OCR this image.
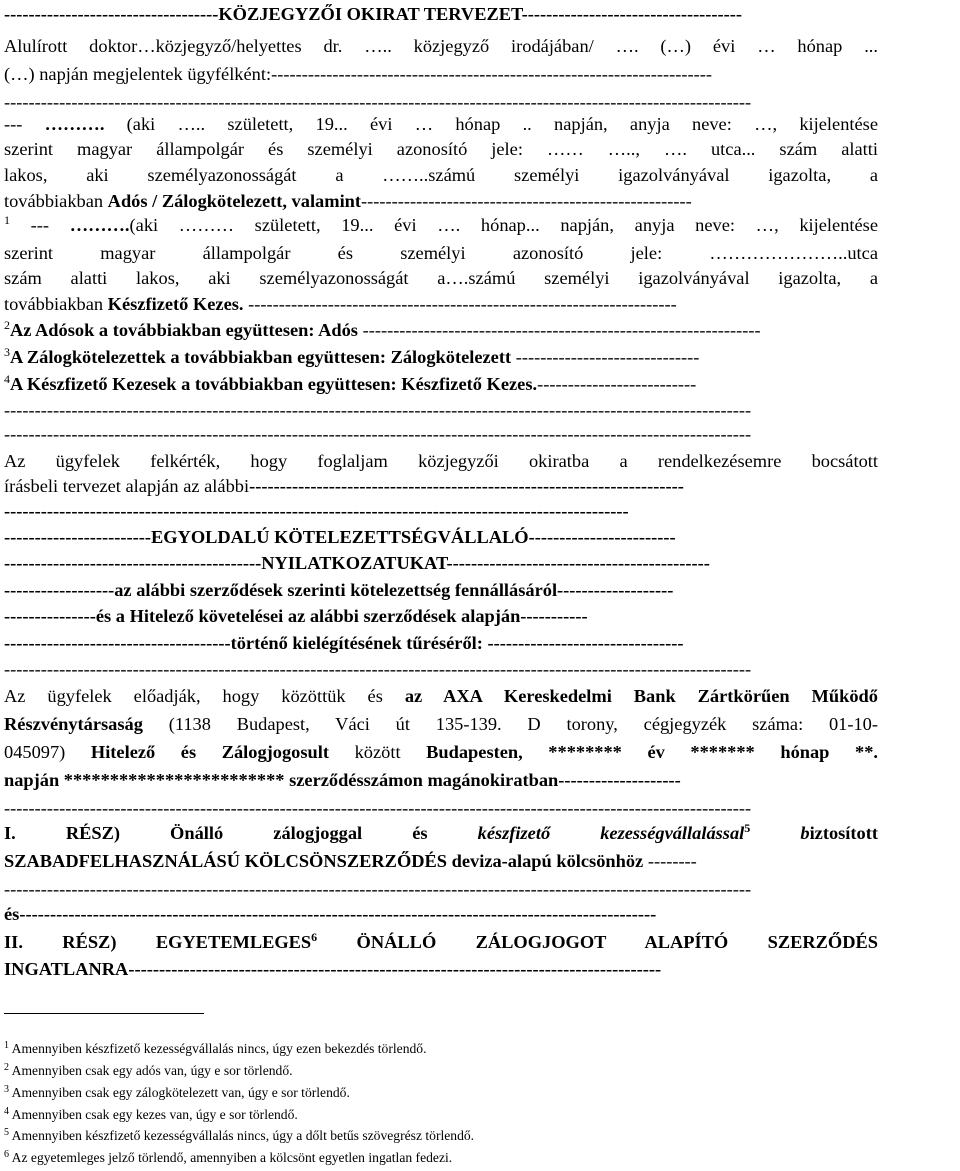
-----------------------------------KÖZJEGYZŐI OKIRAT TERVEZET------------------------------------
Alulírott doktor…közjegyző/helyettes dr. ….. közjegyző irodájában/ …. (…) évi … hónap ...
(…) napján megjelentek ügyfélként:------------------------------------------------------------------------
--------------------------------------------------------------------------------------------------------------------------
--- ………. (aki ….. született, 19... évi … hónap .. napján, anyja neve: …, kijelentése
szerint magyar állampolgár és személyi azonosító jele: …… ….., …. utca... szám alatti
lakos, aki személyazonosságát a ……..számú személyi igazolványával igazolta, a
továbbiakban Adós / Zálogkötelezett, valamint------------------------------------------------------
$^1$ --- ……….(aki ……… született, 19... évi …. hónap... napján, anyja neve: …, kijelentése
szerint magyar állampolgár és személyi azonosító jele: …………………..utca
szám alatti lakos, aki személyazonosságát a….számú személyi igazolványával igazolta, a
továbbiakban Készfizető Kezes. ----------------------------------------------------------------------
$^2$Az Adósok a továbbiakban együttesen: Adós -----------------------------------------------------------------
$^3$A Zálogkötelezettek a továbbiakban együttesen: Zálogkötelezett ------------------------------
$^4$A Készfizető Kezesek a továbbiakban együttesen: Készfizető Kezes.--------------------------
--------------------------------------------------------------------------------------------------------------------------
--------------------------------------------------------------------------------------------------------------------------
Az ügyfelek felkérték, hogy foglaljam közjegyzői okiratba a rendelkezésemre bocsátott
írásbeli tervezet alapján az alábbi-----------------------------------------------------------------------
------------------------------------------------------------------------------------------------------
------------------------EGYOLDALÚ KÖTELEZETTSÉGVÁLLALÓ------------------------
------------------------------------------NYILATKOZATUKAT-------------------------------------------
------------------az alábbi szerződések szerinti kötelezettség fennállásáról-------------------
---------------és a Hitelező követelései az alábbi szerződések alapján-----------
-------------------------------------történő kielégítésének tűréséről: --------------------------------
--------------------------------------------------------------------------------------------------------------------------
Az ügyfelek előadják, hogy közöttük és az AXA Kereskedelmi Bank Zártkörűen Működő
Részvénytársaság (1138 Budapest, Váci út 135-139. D torony, cégjegyzék száma: 01-10-
045097) Hitelező és Zálogjogosult között Budapesten, ******** év ******* hónap **.
napján ************************ szerződésszámon magánokiratban--------------------
--------------------------------------------------------------------------------------------------------------------------
I. RÉSZ) Önálló zálogjoggal és készfizető kezességvállalással$^5$	biztosított
SZABADFELHASZNÁLÁSÚ KÖLCSÖNSZERZŐDÉS deviza-alapú kölcsönhöz --------
--------------------------------------------------------------------------------------------------------------------------
és--------------------------------------------------------------------------------------------------------
II. RÉSZ) EGYETEMLEGES$^6$ ÖNÁLLÓ ZÁLOGJOGOT ALAPÍTÓ SZERZŐDÉS
INGATLANRA---------------------------------------------------------------------------------------
$^1$ Amennyiben készfizető kezességvállalás nincs, úgy ezen bekezdés törlendő.
$^2$ Amennyiben csak egy adós van, úgy e sor törlendő.
$^3$ Amennyiben csak egy zálogkötelezett van, úgy e sor törlendő.
$^4$ Amennyiben csak egy kezes van, úgy e sor törlendő.
$^5$ Amennyiben készfizető kezességvállalás nincs, úgy a dőlt betűs szövegrész törlendő.
$^6$ Az egyetemleges jelző törlendő, amennyiben a kölcsönt egyetlen ingatlan fedezi.
